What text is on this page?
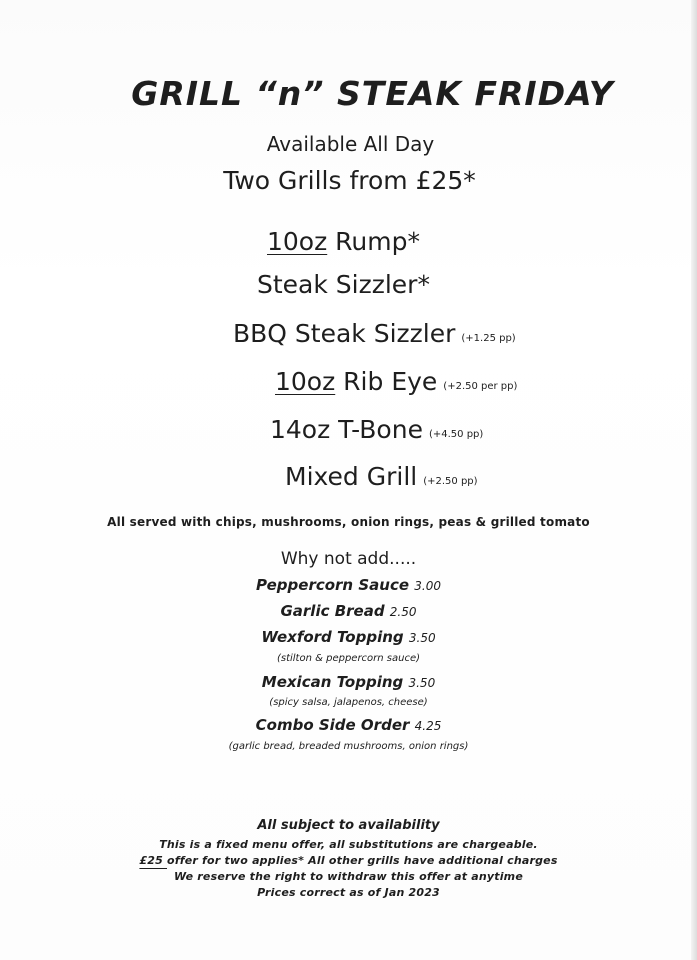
GRILL “n” STEAK FRIDAY
Available All Day
Two Grills from £25*
10oz Rump*
Steak Sizzler*
BBQ Steak Sizzler (+1.25 pp)
10oz Rib Eye (+2.50 per pp)
14oz T-Bone (+4.50 pp)
Mixed Grill (+2.50 pp)
All served with chips, mushrooms, onion rings, peas & grilled tomato
Why not add.....
Peppercorn Sauce 3.00
Garlic Bread 2.50
Wexford Topping 3.50
(stilton & peppercorn sauce)
Mexican Topping 3.50
(spicy salsa, jalapenos, cheese)
Combo Side Order 4.25
(garlic bread, breaded mushrooms, onion rings)
All subject to availability
This is a fixed menu offer, all substitutions are chargeable.
£25 offer for two applies* All other grills have additional charges
We reserve the right to withdraw this offer at anytime
Prices correct as of Jan 2023
